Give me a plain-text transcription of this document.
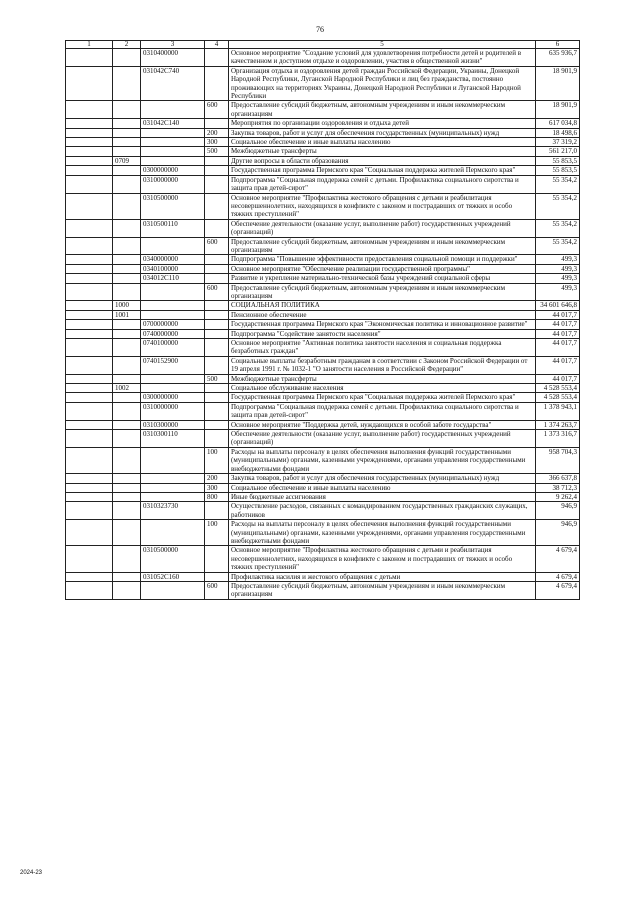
76
1	2	3	4	5	6
		0310400000		Основное мероприятие "Создание условий для удовлетворения потребности детей и родителей в качественном и доступном отдыхе и оздоровлении, участия в общественной жизни"	635 936,7
		031042С740		Организация отдыха и оздоровления детей граждан Российской Федерации, Украины, Донецкой Народной Республики, Луганской Народной Республики и лиц без гражданства, постоянно проживающих на территориях Украины, Донецкой Народной Республики и Луганской Народной Республики	18 901,9
			600	Предоставление субсидий бюджетным, автономным учреждениям и иным некоммерческим организациям	18 901,9
		031042С140		Мероприятия по организации оздоровления и отдыха детей	617 034,8
			200	Закупка товаров, работ и услуг для обеспечения государственных (муниципальных) нужд	18 498,6
			300	Социальное обеспечение и иные выплаты населению	37 319,2
			500	Межбюджетные трансферты	561 217,0
	0709			Другие вопросы в области образования	55 853,5
		0300000000		Государственная программа Пермского края "Социальная поддержка жителей Пермского края"	55 853,5
		0310000000		Подпрограмма "Социальная поддержка семей с детьми. Профилактика социального сиротства и защита прав детей-сирот"	55 354,2
		0310500000		Основное мероприятие "Профилактика жестокого обращения с детьми и реабилитация несовершеннолетних, находящихся в конфликте с законом и пострадавших от тяжких и особо тяжких преступлений"	55 354,2
		0310500110		Обеспечение деятельности (оказание услуг, выполнение работ) государственных учреждений (организаций)	55 354,2
			600	Предоставление субсидий бюджетным, автономным учреждениям и иным некоммерческим организациям	55 354,2
		0340000000		Подпрограмма "Повышение эффективности предоставления социальной помощи и поддержки"	499,3
		0340100000		Основное мероприятие "Обеспечение реализации государственной программы"	499,3
		034012С110		Развитие и укрепление материально-технической базы учреждений социальной сферы	499,3
			600	Предоставление субсидий бюджетным, автономным учреждениям и иным некоммерческим организациям	499,3
	1000			СОЦИАЛЬНАЯ ПОЛИТИКА	34 601 646,8
	1001			Пенсионное обеспечение	44 017,7
		0700000000		Государственная программа Пермского края "Экономическая политика и инновационное развитие"	44 017,7
		0740000000		Подпрограмма "Содействие занятости населения"	44 017,7
		0740100000		Основное мероприятие "Активная политика занятости населения и социальная поддержка безработных граждан"	44 017,7
		0740152900		Социальные выплаты безработным гражданам в соответствии с Законом Российской Федерации от 19 апреля 1991 г. № 1032-1 "О занятости населения в Российской Федерации"	44 017,7
			500	Межбюджетные трансферты	44 017,7
	1002			Социальное обслуживание населения	4 528 553,4
		0300000000		Государственная программа Пермского края "Социальная поддержка жителей Пермского края"	4 528 553,4
		0310000000		Подпрограмма "Социальная поддержка семей с детьми. Профилактика социального сиротства и защита прав детей-сирот"	1 378 943,1
		0310300000		Основное мероприятие "Поддержка детей, нуждающихся в особой заботе государства"	1 374 263,7
		0310300110		Обеспечение деятельности (оказание услуг, выполнение работ) государственных учреждений (организаций)	1 373 316,7
			100	Расходы на выплаты персоналу в целях обеспечения выполнения функций государственными (муниципальными) органами, казенными учреждениями, органами управления государственными внебюджетными фондами	958 704,3
			200	Закупка товаров, работ и услуг для обеспечения государственных (муниципальных) нужд	366 637,8
			300	Социальное обеспечение и иные выплаты населению	38 712,3
			800	Иные бюджетные ассигнования	9 262,4
		0310323730		Осуществление расходов, связанных с командированием государственных гражданских служащих, работников	946,9
			100	Расходы на выплаты персоналу в целях обеспечения выполнения функций государственными (муниципальными) органами, казенными учреждениями, органами управления государственными внебюджетными фондами	946,9
		0310500000		Основное мероприятие "Профилактика жестокого обращения с детьми и реабилитация несовершеннолетних, находящихся в конфликте с законом и пострадавших от тяжких и особо тяжких преступлений"	4 679,4
		031052С160		Профилактика насилия и жестокого обращения с детьми	4 679,4
			600	Предоставление субсидий бюджетным, автономным учреждениям и иным некоммерческим организациям	4 679,4
2024-23
